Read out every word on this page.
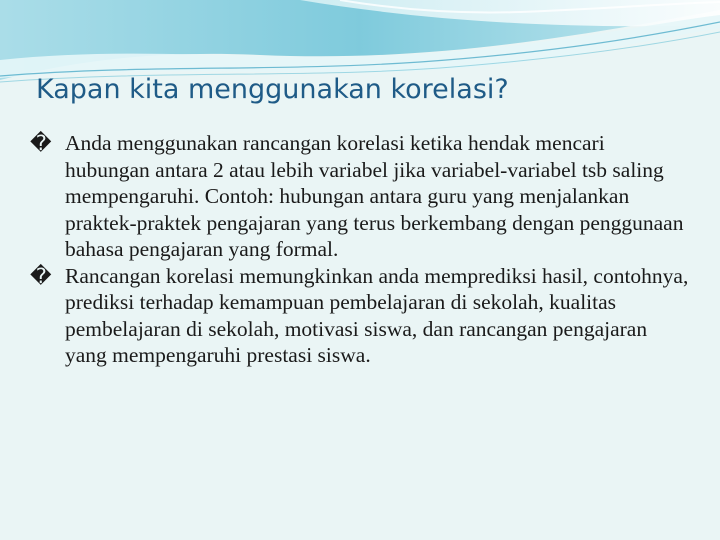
Kapan kita menggunakan korelasi?
� Anda menggunakan rancangan korelasi ketika hendak mencari hubungan antara 2 atau lebih variabel jika variabel-variabel tsb saling mempengaruhi. Contoh: hubungan antara guru yang menjalankan praktek-praktek pengajaran yang terus berkembang dengan penggunaan bahasa pengajaran yang formal.
� Rancangan korelasi memungkinkan anda memprediksi hasil, contohnya, prediksi terhadap kemampuan pembelajaran di sekolah, kualitas pembelajaran di sekolah, motivasi siswa, dan rancangan pengajaran yang mempengaruhi prestasi siswa.
